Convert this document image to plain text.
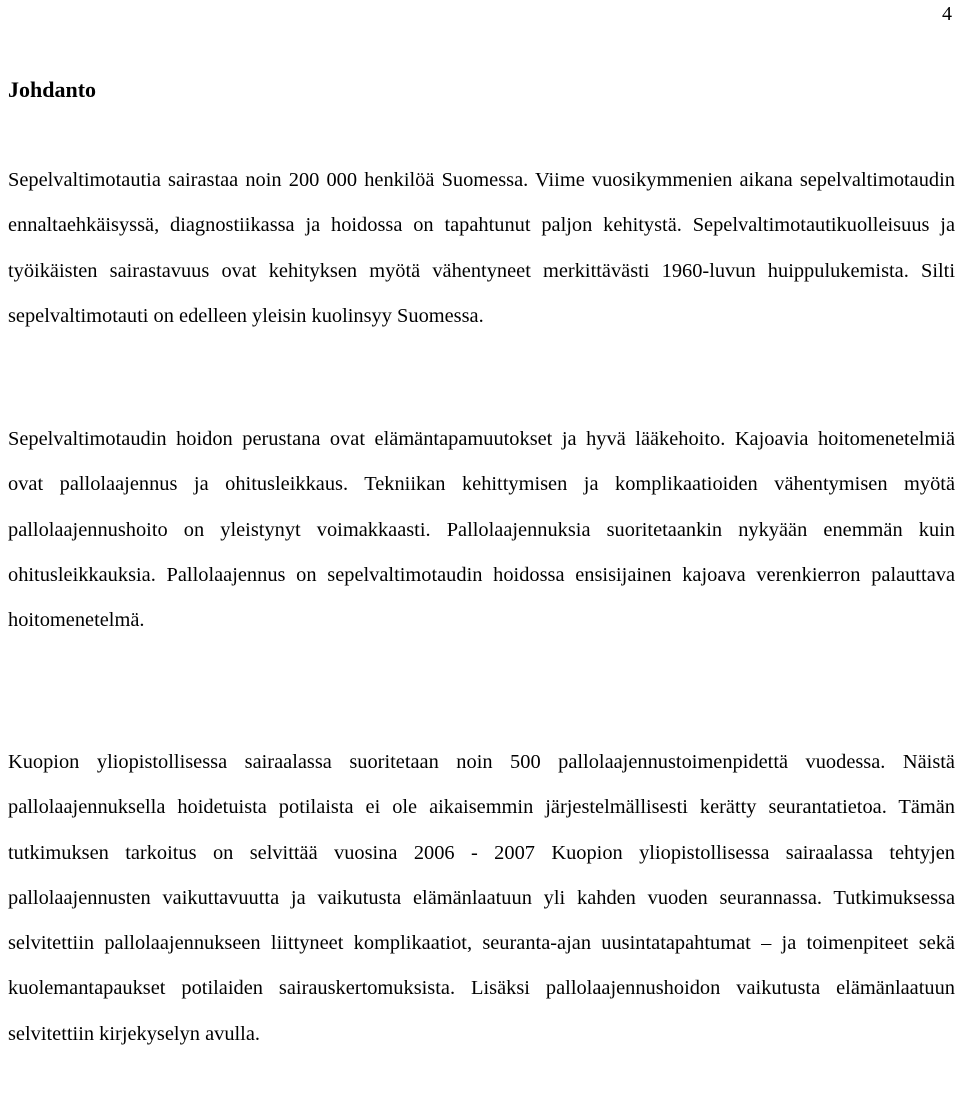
4
Johdanto

Sepelvaltimotautia sairastaa noin 200 000 henkilöä Suomessa. Viime vuosikymmenien aikana sepelvaltimotaudin ennaltaehkäisyssä, diagnostiikassa ja hoidossa on tapahtunut paljon kehitystä. Sepelvaltimotautikuolleisuus ja työikäisten sairastavuus ovat kehityksen myötä vähentyneet merkittävästi 1960-luvun huippulukemista. Silti sepelvaltimotauti on edelleen yleisin kuolinsyy Suomessa.

Sepelvaltimotaudin hoidon perustana ovat elämäntapamuutokset ja hyvä lääkehoito. Kajoavia hoitomenetelmiä ovat pallolaajennus ja ohitusleikkaus. Tekniikan kehittymisen ja komplikaatioiden vähentymisen myötä pallolaajennushoito on yleistynyt voimakkaasti. Pallolaajennuksia suoritetaankin nykyään enemmän kuin ohitusleikkauksia. Pallolaajennus on sepelvaltimotaudin hoidossa ensisijainen kajoava verenkierron palauttava hoitomenetelmä.

Kuopion yliopistollisessa sairaalassa suoritetaan noin 500 pallolaajennustoimenpidettä vuodessa. Näistä pallolaajennuksella hoidetuista potilaista ei ole aikaisemmin järjestelmällisesti kerätty seurantatietoa. Tämän tutkimuksen tarkoitus on selvittää vuosina 2006 - 2007 Kuopion yliopistollisessa sairaalassa tehtyjen pallolaajennusten vaikuttavuutta ja vaikutusta elämänlaatuun yli kahden vuoden seurannassa. Tutkimuksessa selvitettiin pallolaajennukseen liittyneet komplikaatiot, seuranta-ajan uusintatapahtumat – ja toimenpiteet sekä kuolemantapaukset potilaiden sairauskertomuksista. Lisäksi pallolaajennushoidon vaikutusta elämänlaatuun selvitettiin kirjekyselyn avulla.
